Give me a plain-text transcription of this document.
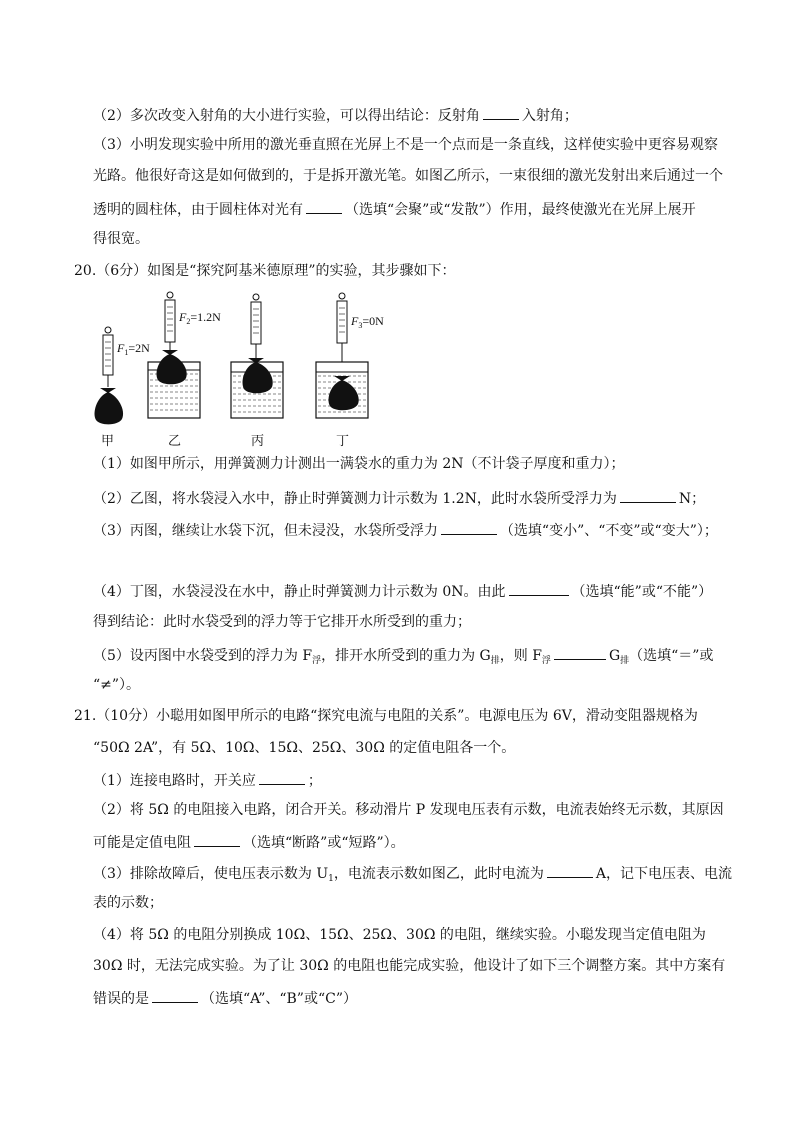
（2）多次改变入射角的大小进行实验，可以得出结论：反射角	入射角；
（3）小明发现实验中所用的激光垂直照在光屏上不是一个点而是一条直线，这样使实验中更容易观察
光路。他很好奇这是如何做到的，于是拆开激光笔。如图乙所示，一束很细的激光发射出来后通过一个
透明的圆柱体，由于圆柱体对光有	（选填“会聚”或“发散”）作用，最终使激光在光屏上展开
得很宽。
20.（6分）如图是“探究阿基米德原理”的实验，其步骤如下：
$F_1=2N$
$F_2=1.2N$	$F_3=0N$
甲	乙	丙	丁
（1）如图甲所示，用弹簧测力计测出一满袋水的重力为 2N（不计袋子厚度和重力）；
（2）乙图，将水袋浸入水中，静止时弹簧测力计示数为 1.2N，此时水袋所受浮力为	N；
（3）丙图，继续让水袋下沉，但未浸没，水袋所受浮力	（选填“变小”、“不变”或“变大”）；
（4）丁图，水袋浸没在水中，静止时弹簧测力计示数为 0N。由此	（选填“能”或“不能”）
得到结论：此时水袋受到的浮力等于它排开水所受到的重力；
（5）设丙图中水袋受到的浮力为 $F_浮$，排开水所受到的重力为 $G_排$，则 $F_浮$	$G_排$（选填“＝”或
“≠”）。
21.（10分）小聪用如图甲所示的电路“探究电流与电阻的关系”。电源电压为 6V，滑动变阻器规格为
“50Ω 2A”，有 5Ω、10Ω、15Ω、25Ω、30Ω 的定值电阻各一个。
（1）连接电路时，开关应	；
（2）将 5Ω 的电阻接入电路，闭合开关。移动滑片 P 发现电压表有示数，电流表始终无示数，其原因
可能是定值电阻	（选填“断路”或“短路”）。
（3）排除故障后，使电压表示数为 $U_1$，电流表示数如图乙，此时电流为	A，记下电压表、电流
表的示数；
（4）将 5Ω 的电阻分别换成 10Ω、15Ω、25Ω、30Ω 的电阻，继续实验。小聪发现当定值电阻为
30Ω 时，无法完成实验。为了让 30Ω 的电阻也能完成实验，他设计了如下三个调整方案。其中方案有
错误的是	（选填“A”、“B”或“C”）
